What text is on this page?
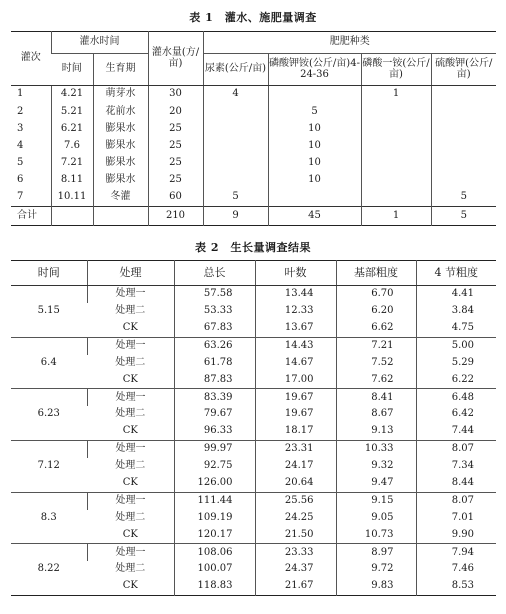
表 1　灌水、施肥量调查
灌次	灌水时间		灌水量(方/亩)	肥肥种类			
	时间	生育期		尿素(公斤/亩)	磷酸钾铵(公斤/亩)4-24-36	磷酸一铵(公斤/亩)	硫酸钾(公斤/亩)
1	4.21	萌芽水	30	4		1	
2	5.21	花前水	20		5		
3	6.21	膨果水	25		10		
4	7.6	膨果水	25		10		
5	7.21	膨果水	25		10		
6	8.11	膨果水	25		10		
7	10.11	冬灌	60	5			5
合计			210	9	45	1	5
表 2　生长量调查结果
时间	处理	总长	叶数	基部粗度	4 节粗度
5.15	处理一	57.58	13.44	6.70	4.41
	处理二	53.33	12.33	6.20	3.84
	CK	67.83	13.67	6.62	4.75
6.4	处理一	63.26	14.43	7.21	5.00
	处理二	61.78	14.67	7.52	5.29
	CK	87.83	17.00	7.62	6.22
6.23	处理一	83.39	19.67	8.41	6.48
	处理二	79.67	19.67	8.67	6.42
	CK	96.33	18.17	9.13	7.44
7.12	处理一	99.97	23.31	10.33	8.07
	处理二	92.75	24.17	9.32	7.34
	CK	126.00	20.64	9.47	8.44
8.3	处理一	111.44	25.56	9.15	8.07
	处理二	109.19	24.25	9.05	7.01
	CK	120.17	21.50	10.73	9.90
8.22	处理一	108.06	23.33	8.97	7.94
	处理二	100.07	24.37	9.72	7.46
	CK	118.83	21.67	9.83	8.53
